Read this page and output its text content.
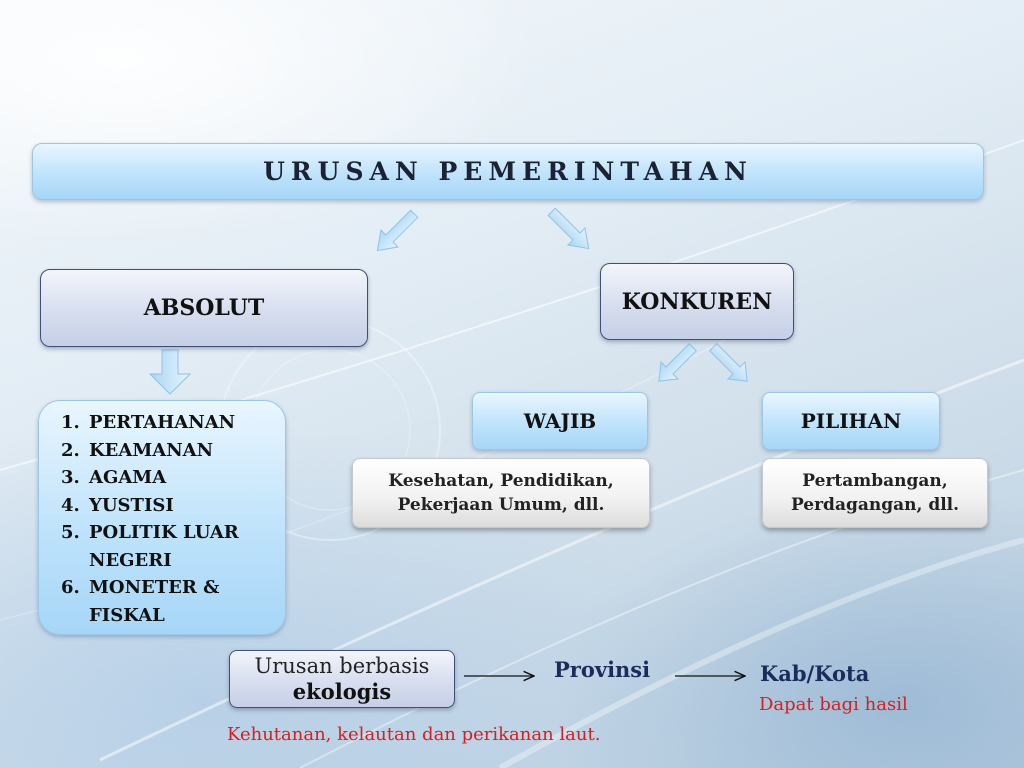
URUSAN PEMERINTAHAN
ABSOLUT	KONKUREN
1. PERTAHANAN
2. KEAMANAN
3. AGAMA
4. YUSTISI
5. POLITIK LUAR
NEGERI
6. MONETER &
FISKAL
WAJIB	PILIHAN
Kesehatan, Pendidikan,
Pekerjaan Umum, dll.
Pertambangan,
Perdagangan, dll.
Urusan berbasis
ekologis
Provinsi	Kab/Kota
Dapat bagi hasil
Kehutanan, kelautan dan perikanan laut.
